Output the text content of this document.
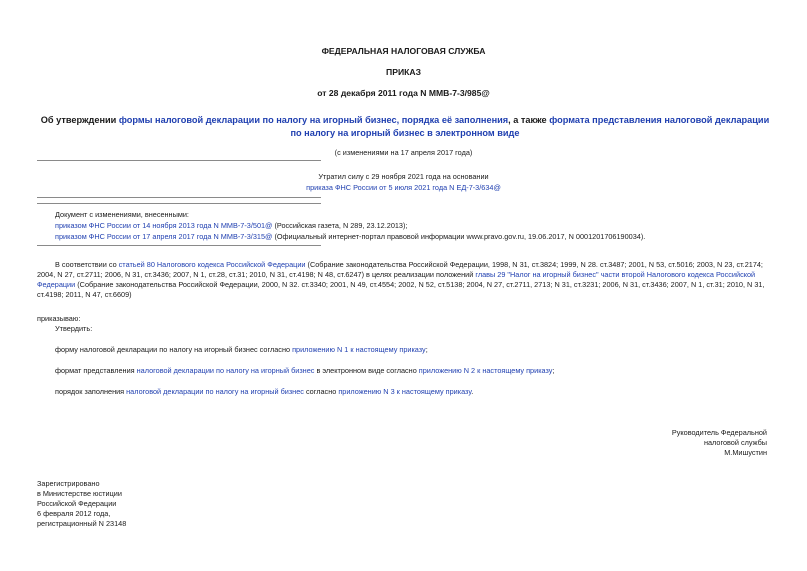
ФЕДЕРАЛЬНАЯ НАЛОГОВАЯ СЛУЖБА
ПРИКАЗ
от 28 декабря 2011 года N ММВ-7-3/985@
Об утверждении формы налоговой декларации по налогу на игорный бизнес, порядка её заполнения, а также формата представления налоговой декларации по налогу на игорный бизнес в электронном виде
(с изменениями на 17 апреля 2017 года)
Утратил силу с 29 ноября 2021 года на основании
приказа ФНС России от 5 июля 2021 года N ЕД-7-3/634@
Документ с изменениями, внесенными:
приказом ФНС России от 14 ноября 2013 года N ММВ-7-3/501@ (Российская газета, N 289, 23.12.2013);
приказом ФНС России от 17 апреля 2017 года N ММВ-7-3/315@ (Официальный интернет-портал правовой информации www.pravo.gov.ru, 19.06.2017, N 0001201706190034).
В соответствии со статьей 80 Налогового кодекса Российской Федерации (Собрание законодательства Российской Федерации, 1998, N 31, ст.3824; 1999, N 28. ст.3487; 2001, N 53, ст.5016; 2003, N 23, ст.2174; 2004, N 27, ст.2711; 2006, N 31, ст.3436; 2007, N 1, ст.28, ст.31; 2010, N 31, ст.4198; N 48, ст.6247) в целях реализации положений главы 29 "Налог на игорный бизнес" части второй Налогового кодекса Российской Федерации (Собрание законодательства Российской Федерации, 2000, N 32. ст.3340; 2001, N 49, ст.4554; 2002, N 52, ст.5138; 2004, N 27, ст.2711, 2713; N 31, ст.3231; 2006, N 31, ст.3436; 2007, N 1, ст.31; 2010, N 31, ст.4198; 2011, N 47, ст.6609)
приказываю:
Утвердить:
форму налоговой декларации по налогу на игорный бизнес согласно приложению N 1 к настоящему приказу;
формат представления налоговой декларации по налогу на игорный бизнес в электронном виде согласно приложению N 2 к настоящему приказу;
порядок заполнения налоговой декларации по налогу на игорный бизнес согласно приложению N 3 к настоящему приказу.
Руководитель Федеральной
налоговой службы
М.Мишустин
Зарегистрировано
в Министерстве юстиции
Российской Федерации
6 февраля 2012 года,
регистрационный N 23148
